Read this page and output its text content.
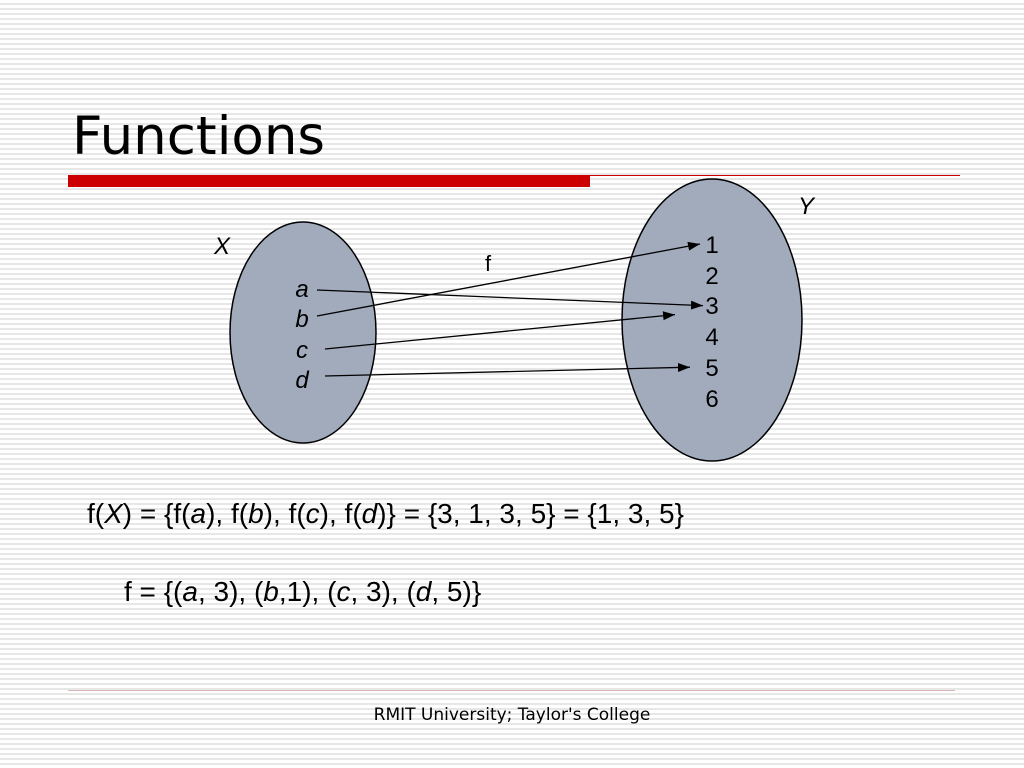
Functions
X
Y
f
a
b
c
d
1
2
3
4
5
6
f(X) = {f(a), f(b), f(c), f(d)} = {3, 1, 3, 5} = {1, 3, 5}
f = {(a, 3), (b,1), (c, 3), (d, 5)}
RMIT University; Taylor's College
